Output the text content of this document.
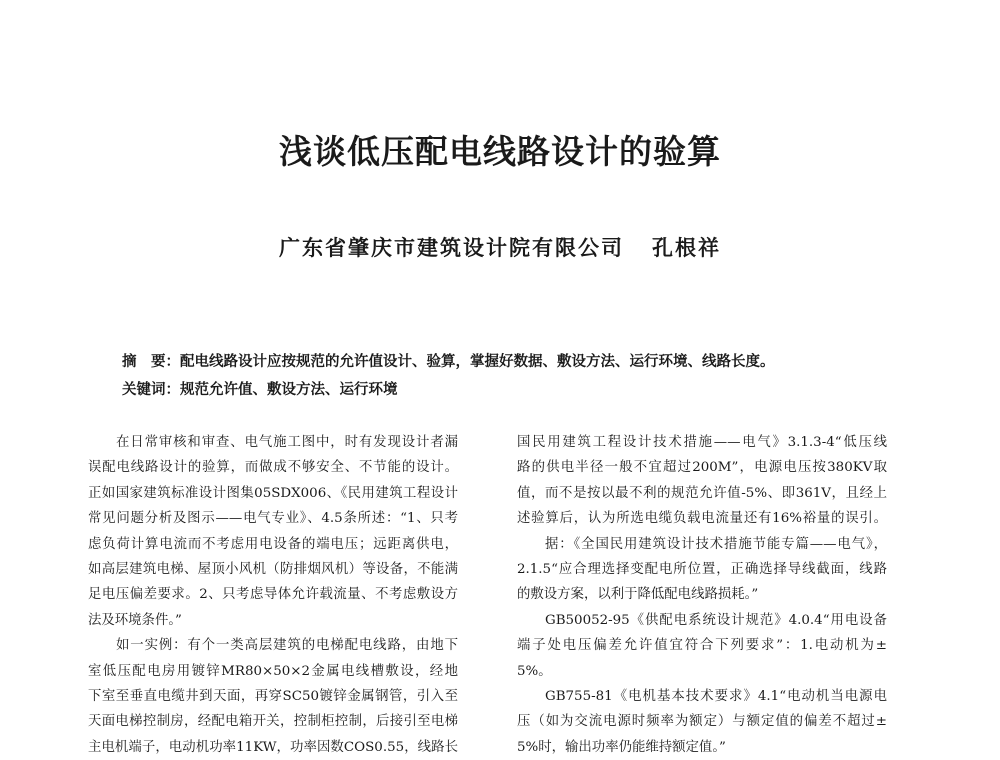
浅谈低压配电线路设计的验算
广东省肇庆市建筑设计院有限公司 孔根祥
摘　要：配电线路设计应按规范的允许值设计、验算，掌握好数据、敷设方法、运行环境、线路长度。
关键词：规范允许值、敷设方法、运行环境
在日常审核和审查、电气施工图中，时有发现设计者漏
误配电线路设计的验算，而做成不够安全、不节能的设计。
正如国家建筑标准设计图集05SDX006、《民用建筑工程设计
常见问题分析及图示——电气专业》、4.5条所述：“1、只考
虑负荷计算电流而不考虑用电设备的端电压；远距离供电，
如高层建筑电梯、屋顶小风机（防排烟风机）等设备，不能满
足电压偏差要求。2、只考虑导体允许载流量、不考虑敷设方
法及环境条件。”
如一实例：有个一类高层建筑的电梯配电线路，由地下
室低压配电房用镀锌MR80×50×2金属电线槽敷设，经地
下室至垂直电缆井到天面，再穿SC50镀锌金属钢管，引入至
天面电梯控制房，经配电箱开关，控制柜控制，后接引至电梯
主电机端子，电动机功率11KW，功率因数COS0.55，线路长
国民用建筑工程设计技术措施——电气》3.1.3-4“低压线
路的供电半径一般不宜超过200M”，电源电压按380KV取
值，而不是按以最不利的规范允许值-5%、即361V，且经上
述验算后，认为所选电缆负载电流量还有16%裕量的误引。
据：《全国民用建筑设计技术措施节能专篇——电气》，
2.1.5“应合理选择变配电所位置，正确选择导线截面，线路
的敷设方案，以利于降低配电线路损耗。”
GB50052-95《供配电系统设计规范》4.0.4“用电设备
端子处电压偏差允许值宜符合下列要求”：1.电动机为±
5%。
GB755-81《电机基本技术要求》4.1“电动机当电源电
压（如为交流电源时频率为额定）与额定值的偏差不超过±
5%时，输出功率仍能维持额定值。”
